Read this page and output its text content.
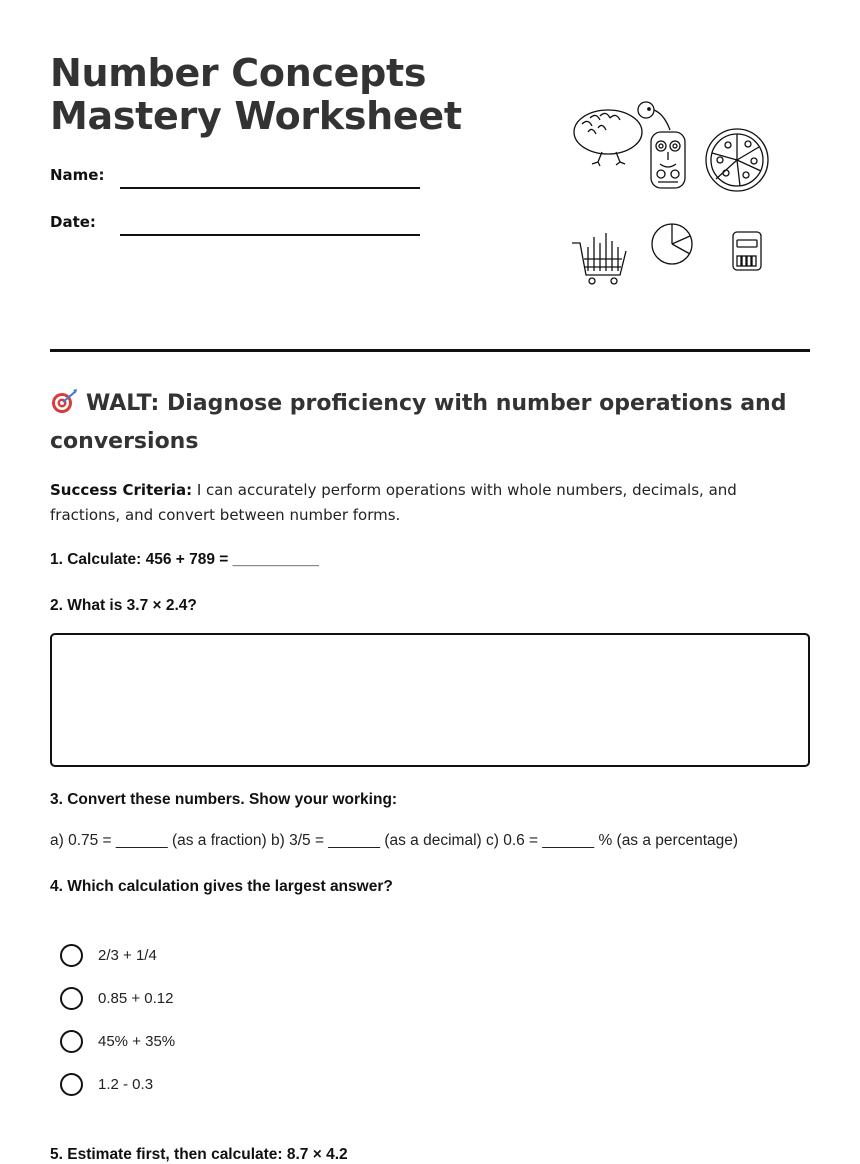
Number Concepts
Mastery Worksheet
Name:
Date:
WALT: Diagnose proficiency with number operations and conversions
Success Criteria: I can accurately perform operations with whole numbers, decimals, and fractions, and convert between number forms.
1. Calculate: 456 + 789 = __________
2. What is 3.7 × 2.4?
3. Convert these numbers. Show your working:
a) 0.75 = ______ (as a fraction) b) 3/5 = ______ (as a decimal) c) 0.6 = ______ % (as a percentage)
4. Which calculation gives the largest answer?
2/3 + 1/4
0.85 + 0.12
45% + 35%
1.2 - 0.3
5. Estimate first, then calculate: 8.7 × 4.2
